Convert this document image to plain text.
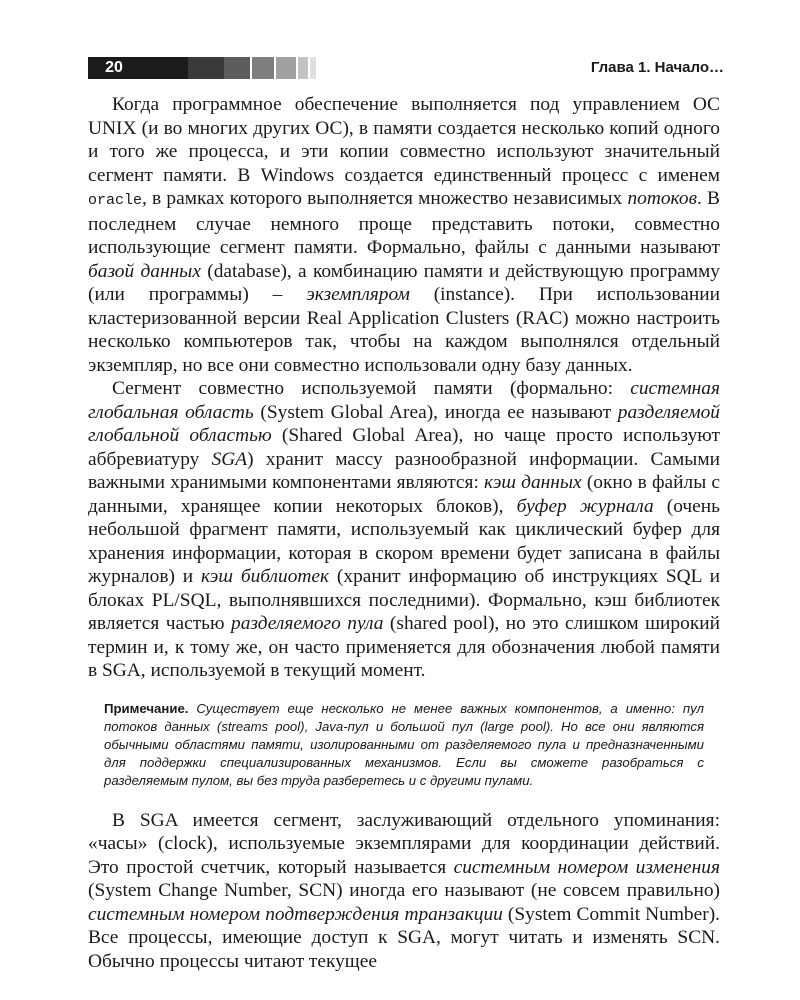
20	Глава 1. Начало…

Когда программное обеспечение выполняется под управлением ОС UNIX (и во многих других ОС), в памяти создается несколько копий одного и того же процесса, и эти копии совместно используют значительный сегмент памяти. В Windows создается единственный процесс с именем oracle, в рамках которого выполняется множество независимых потоков. В последнем случае немного проще представить потоки, совместно использующие сегмент памяти. Формально, файлы с данными называют базой данных (database), а комбинацию памяти и действующую программу (или программы) – экземпляром (instance). При использовании кластеризованной версии Real Application Clusters (RAC) можно настроить несколько компьютеров так, чтобы на каждом выполнялся отдельный экземпляр, но все они совместно использовали одну базу данных.

Сегмент совместно используемой памяти (формально: системная глобальная область (System Global Area), иногда ее называют разделяемой глобальной областью (Shared Global Area), но чаще просто используют аббревиатуру SGA) хранит массу разнообразной информации. Самыми важными хранимыми компонентами являются: кэш данных (окно в файлы с данными, хранящее копии некоторых блоков), буфер журнала (очень небольшой фрагмент памяти, используемый как циклический буфер для хранения информации, которая в скором времени будет записана в файлы журналов) и кэш библиотек (хранит информацию об инструкциях SQL и блоках PL/SQL, выполнявшихся последними). Формально, кэш библиотек является частью разделяемого пула (shared pool), но это слишком широкий термин и, к тому же, он часто применяется для обозначения любой памяти в SGA, используемой в текущий момент.

Примечание. Существует еще несколько не менее важных компонентов, а именно: пул потоков данных (streams pool), Java-пул и большой пул (large pool). Но все они являются обычными областями памяти, изолированными от разделяемого пула и предназначенными для поддержки специализированных механизмов. Если вы сможете разобраться с разделяемым пулом, вы без труда разберетесь и с другими пулами.

В SGA имеется сегмент, заслуживающий отдельного упоминания: «часы» (clock), используемые экземплярами для координации действий. Это простой счетчик, который называется системным номером изменения (System Change Number, SCN) иногда его называют (не совсем правильно) системным номером подтверждения транзакции (System Commit Number). Все процессы, имеющие доступ к SGA, могут читать и изменять SCN. Обычно процессы читают текущее
